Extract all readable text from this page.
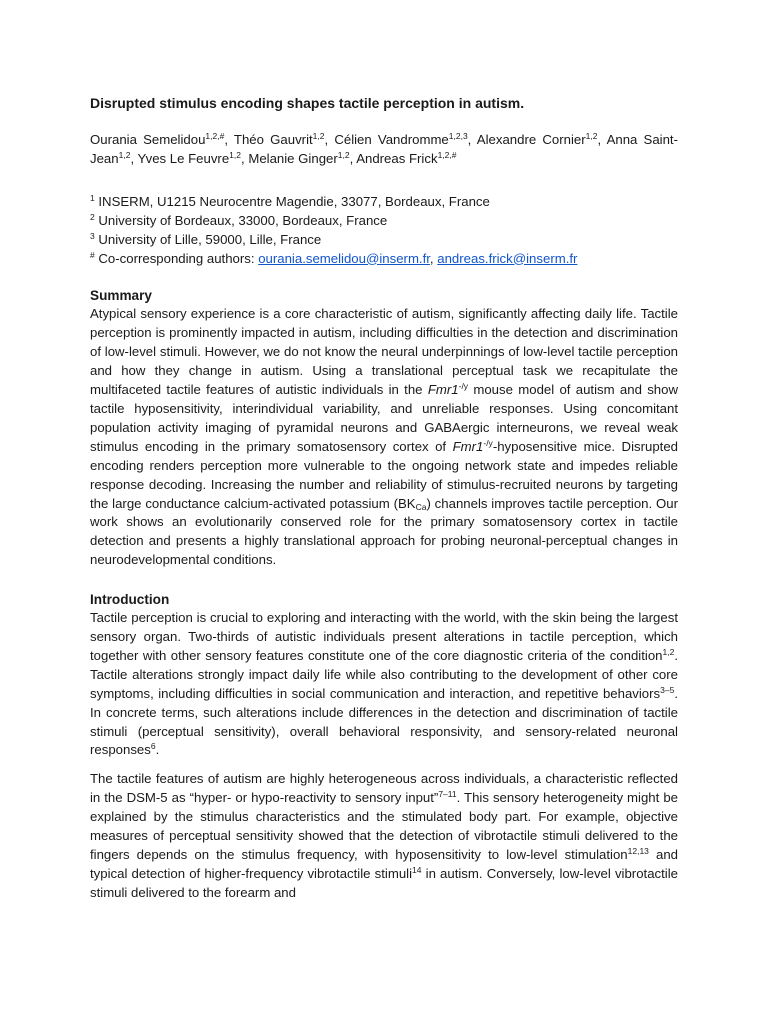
Disrupted stimulus encoding shapes tactile perception in autism.
Ourania Semelidou$^{1,2,\#}$, Théo Gauvrit$^{1,2}$, Célien Vandromme$^{1,2,3}$, Alexandre Cornier$^{1,2}$, Anna Saint-Jean$^{1,2}$, Yves Le Feuvre$^{1,2}$, Melanie Ginger$^{1,2}$, Andreas Frick$^{1,2,\#}$
$^1$ INSERM, U1215 Neurocentre Magendie, 33077, Bordeaux, France
$^2$ University of Bordeaux, 33000, Bordeaux, France
$^3$ University of Lille, 59000, Lille, France
# Co-corresponding authors: ourania.semelidou@inserm.fr, andreas.frick@inserm.fr
Summary

Atypical sensory experience is a core characteristic of autism, significantly affecting daily life. Tactile perception is prominently impacted in autism, including difficulties in the detection and discrimination of low-level stimuli. However, we do not know the neural underpinnings of low-level tactile perception and how they change in autism. Using a translational perceptual task we recapitulate the multifaceted tactile features of autistic individuals in the $Fmr1^{-/y}$ mouse model of autism and show tactile hyposensitivity, interindividual variability, and unreliable responses. Using concomitant population activity imaging of pyramidal neurons and GABAergic interneurons, we reveal weak stimulus encoding in the primary somatosensory cortex of $Fmr1^{-/y}$-hyposensitive mice. Disrupted encoding renders perception more vulnerable to the ongoing network state and impedes reliable response decoding. Increasing the number and reliability of stimulus-recruited neurons by targeting the large conductance calcium-activated potassium $(BK_{Ca})$ channels improves tactile perception. Our work shows an evolutionarily conserved role for the primary somatosensory cortex in tactile detection and presents a highly translational approach for probing neuronal-perceptual changes in neurodevelopmental conditions.

Introduction

Tactile perception is crucial to exploring and interacting with the world, with the skin being the largest sensory organ. Two-thirds of autistic individuals present alterations in tactile perception, which together with other sensory features constitute one of the core diagnostic criteria of the condition$^{1,2}$. Tactile alterations strongly impact daily life while also contributing to the development of other core symptoms, including difficulties in social communication and interaction, and repetitive behaviors$^{3-5}$. In concrete terms, such alterations include differences in the detection and discrimination of tactile stimuli (perceptual sensitivity), overall behavioral responsivity, and sensory-related neuronal responses$^6$.

The tactile features of autism are highly heterogeneous across individuals, a characteristic reflected in the DSM-5 as “hyper- or hypo-reactivity to sensory input”$^{7-11}$. This sensory heterogeneity might be explained by the stimulus characteristics and the stimulated body part. For example, objective measures of perceptual sensitivity showed that the detection of vibrotactile stimuli delivered to the fingers depends on the stimulus frequency, with hyposensitivity to low-level stimulation$^{12,13}$ and typical detection of higher-frequency vibrotactile stimuli$^{14}$ in autism. Conversely, low-level vibrotactile stimuli delivered to the forearm and
